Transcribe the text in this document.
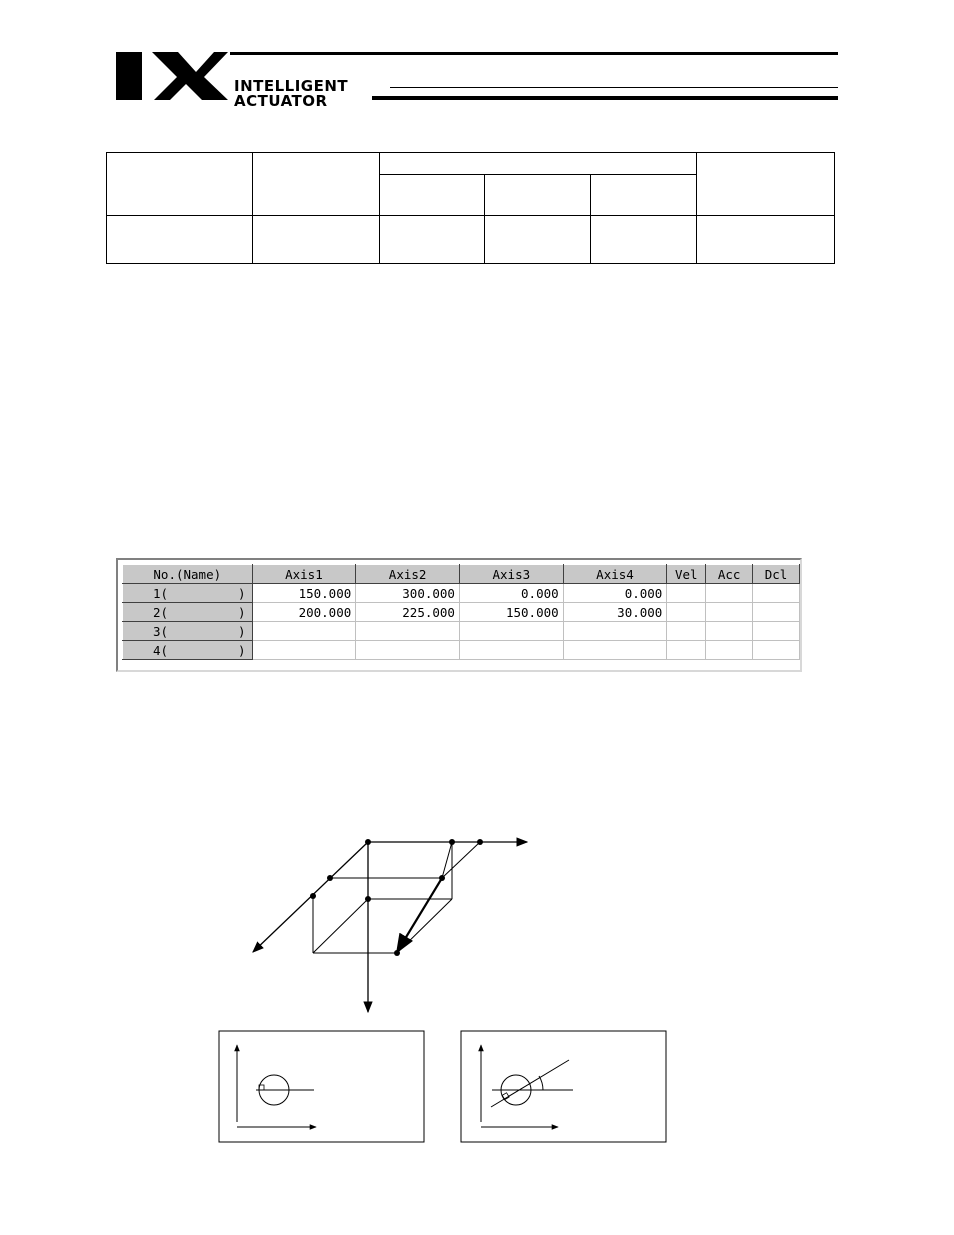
INTELLIGENT
ACTUATOR

No.(Name)	Axis1	Axis2	Axis3	Axis4	Vel	Acc	Dcl

1( )	150.000	300.000	0.000	0.000			

2( )	200.000	225.000	150.000	30.000			

3( )							

4( )							
